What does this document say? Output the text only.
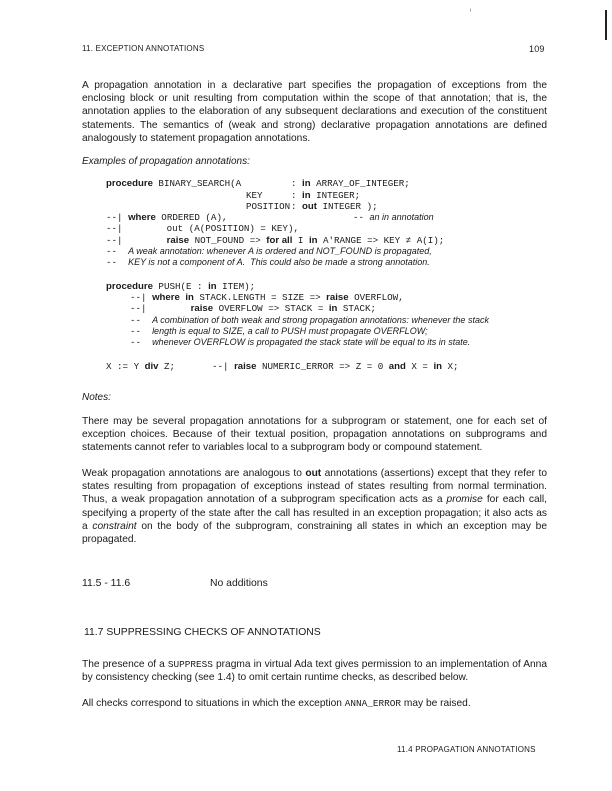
ᵢ
11. EXCEPTION ANNOTATIONS	109
A propagation annotation in a declarative part specifies the propagation of exceptions from the enclosing block or unit resulting from computation within the scope of that annotation; that is, the annotation applies to the elaboration of any subsequent declarations and execution of the constituent statements. The semantics of (weak and strong) declarative propagation annotations are defined analogously to statement propagation annotations.
Examples of propagation annotations:
procedure BINARY_SEARCH(A	: in ARRAY_OF_INTEGER;
KEY	: in INTEGER;
POSITION : out INTEGER );
--| where ORDERED (A),	-- an in annotation
--|        out (A(POSITION) = KEY),
--|        raise NOT_FOUND => for all I in A'RANGE => KEY ≠ A(I);
-- A weak annotation: whenever A is ordered and NOT_FOUND is propagated,
-- KEY is not a component of A.  This could also be made a strong annotation.
procedure PUSH(E : in ITEM);
--| where in STACK.LENGTH = SIZE => raise OVERFLOW,
--|        raise OVERFLOW => STACK = in STACK;
-- A combination of both weak and strong propagation annotations: whenever the stack
-- length is equal to SIZE, a call to PUSH must propagate OVERFLOW;
-- whenever OVERFLOW is propagated the stack state will be equal to its in state.
X := Y div Z;	--| raise NUMERIC_ERROR => Z = 0 and X = in X;
Notes:
There may be several propagation annotations for a subprogram or statement, one for each set of exception choices. Because of their textual position, propagation annotations on subprograms and statements cannot refer to variables local to a subprogram body or compound statement.
Weak propagation annotations are analogous to out annotations (assertions) except that they refer to states resulting from propagation of exceptions instead of states resulting from normal termination. Thus, a weak propagation annotation of a subprogram specification acts as a promise for each call, specifying a property of the state after the call has resulted in an exception propagation; it also acts as a constraint on the body of the subprogram, constraining all states in which an exception may be propagated.
11.5 - 11.6	No additions
11.7 SUPPRESSING CHECKS OF ANNOTATIONS
The presence of a SUPPRESS pragma in virtual Ada text gives permission to an implementation of Anna by consistency checking (see 1.4) to omit certain runtime checks, as described below.
All checks correspond to situations in which the exception ANNA_ERROR may be raised.
11.4 PROPAGATION ANNOTATIONS
